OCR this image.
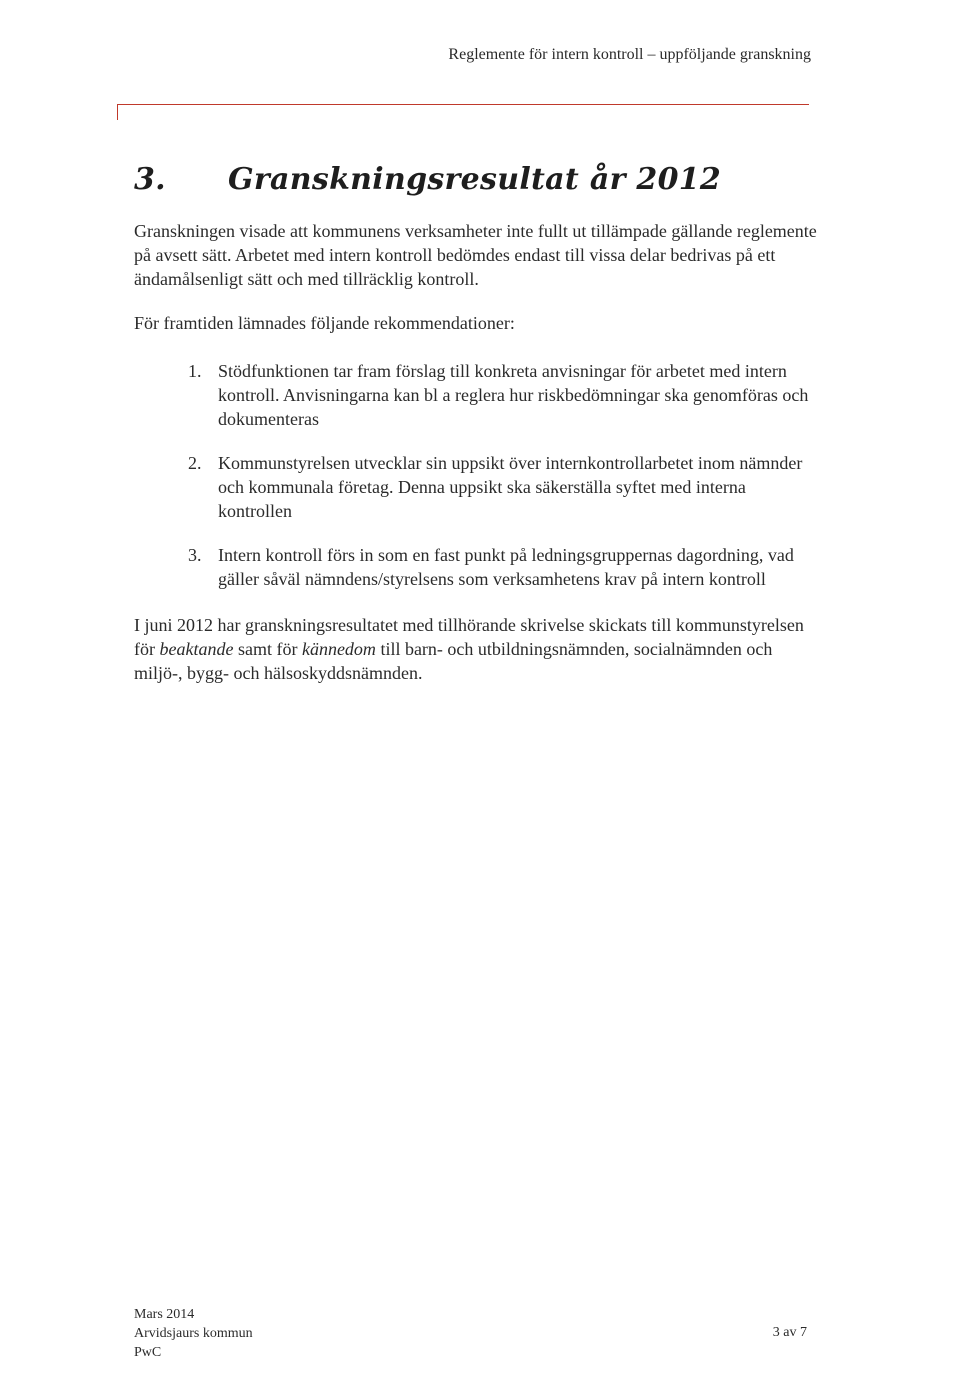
Reglemente för intern kontroll – uppföljande granskning
3. Granskningsresultat år 2012

Granskningen visade att kommunens verksamheter inte fullt ut tillämpade gällande reglemente på avsett sätt. Arbetet med intern kontroll bedömdes endast till vissa delar bedrivas på ett ändamålsenligt sätt och med tillräcklig kontroll.

För framtiden lämnades följande rekommendationer:

1. Stödfunktionen tar fram förslag till konkreta anvisningar för arbetet med intern kontroll. Anvisningarna kan bl a reglera hur riskbedömningar ska genomföras och dokumenteras
2. Kommunstyrelsen utvecklar sin uppsikt över internkontrollarbetet inom nämnder och kommunala företag. Denna uppsikt ska säkerställa syftet med interna kontrollen
3. Intern kontroll förs in som en fast punkt på ledningsgruppernas dagordning, vad gäller såväl nämndens/styrelsens som verksamhetens krav på intern kontroll

I juni 2012 har granskningsresultatet med tillhörande skrivelse skickats till kommunstyrelsen för beaktande samt för kännedom till barn- och utbildningsnämnden, socialnämnden och miljö-, bygg- och hälsoskyddsnämnden.

Mars 2014
Arvidsjaurs kommun
PwC
3 av 7
